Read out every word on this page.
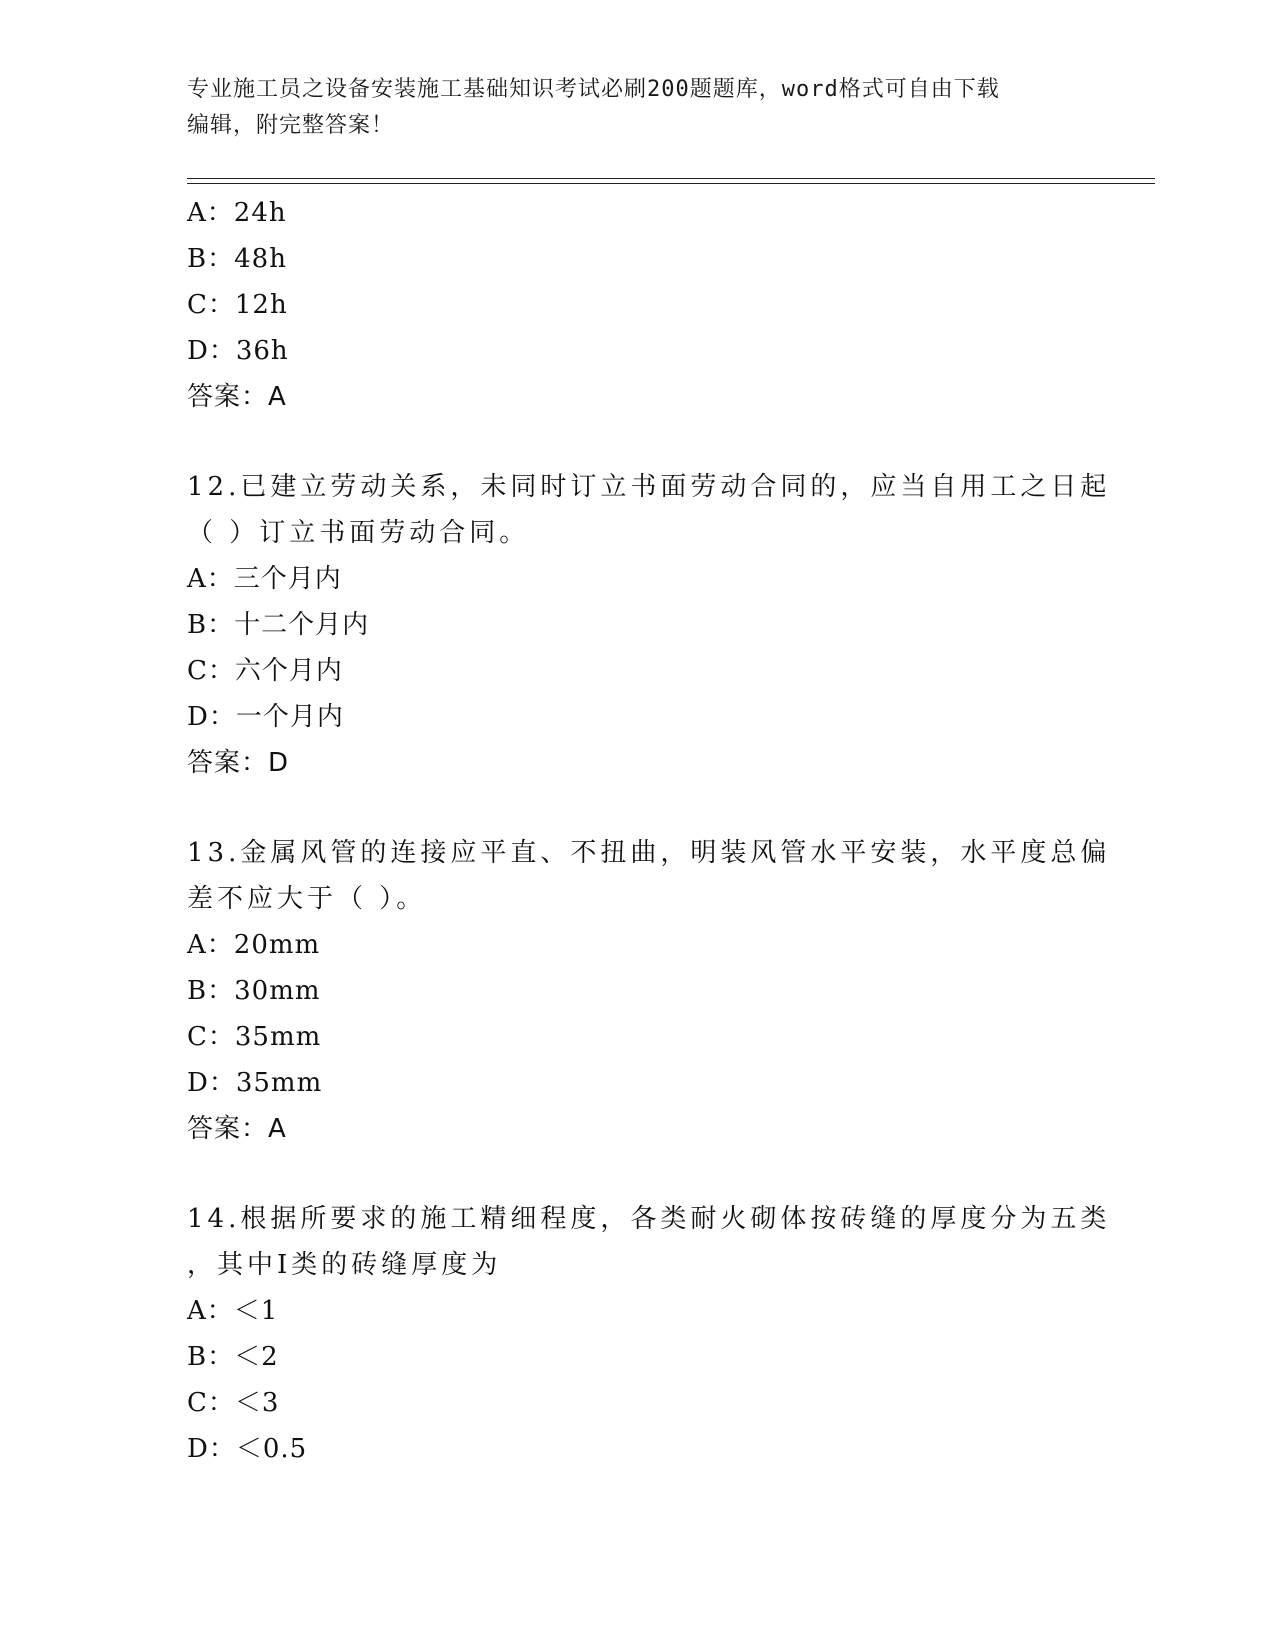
专业施工员之设备安装施工基础知识考试必刷200题题库，word格式可自由下载
编辑，附完整答案！
A：24h
B：48h
C：12h
D：36h
答案：A
12.已建立劳动关系，未同时订立书面劳动合同的，应当自用工之日起
（ ）订立书面劳动合同。
A：三个月内
B：十二个月内
C：六个月内
D：一个月内
答案：D
13.金属风管的连接应平直、不扭曲，明装风管水平安装，水平度总偏
差不应大于（ ）。
A：20mm
B：30mm
C：35mm
D：35mm
答案：A
14.根据所要求的施工精细程度，各类耐火砌体按砖缝的厚度分为五类
，其中Ⅰ类的砖缝厚度为
A：＜1
B：＜2
C：＜3
D：＜0.5
